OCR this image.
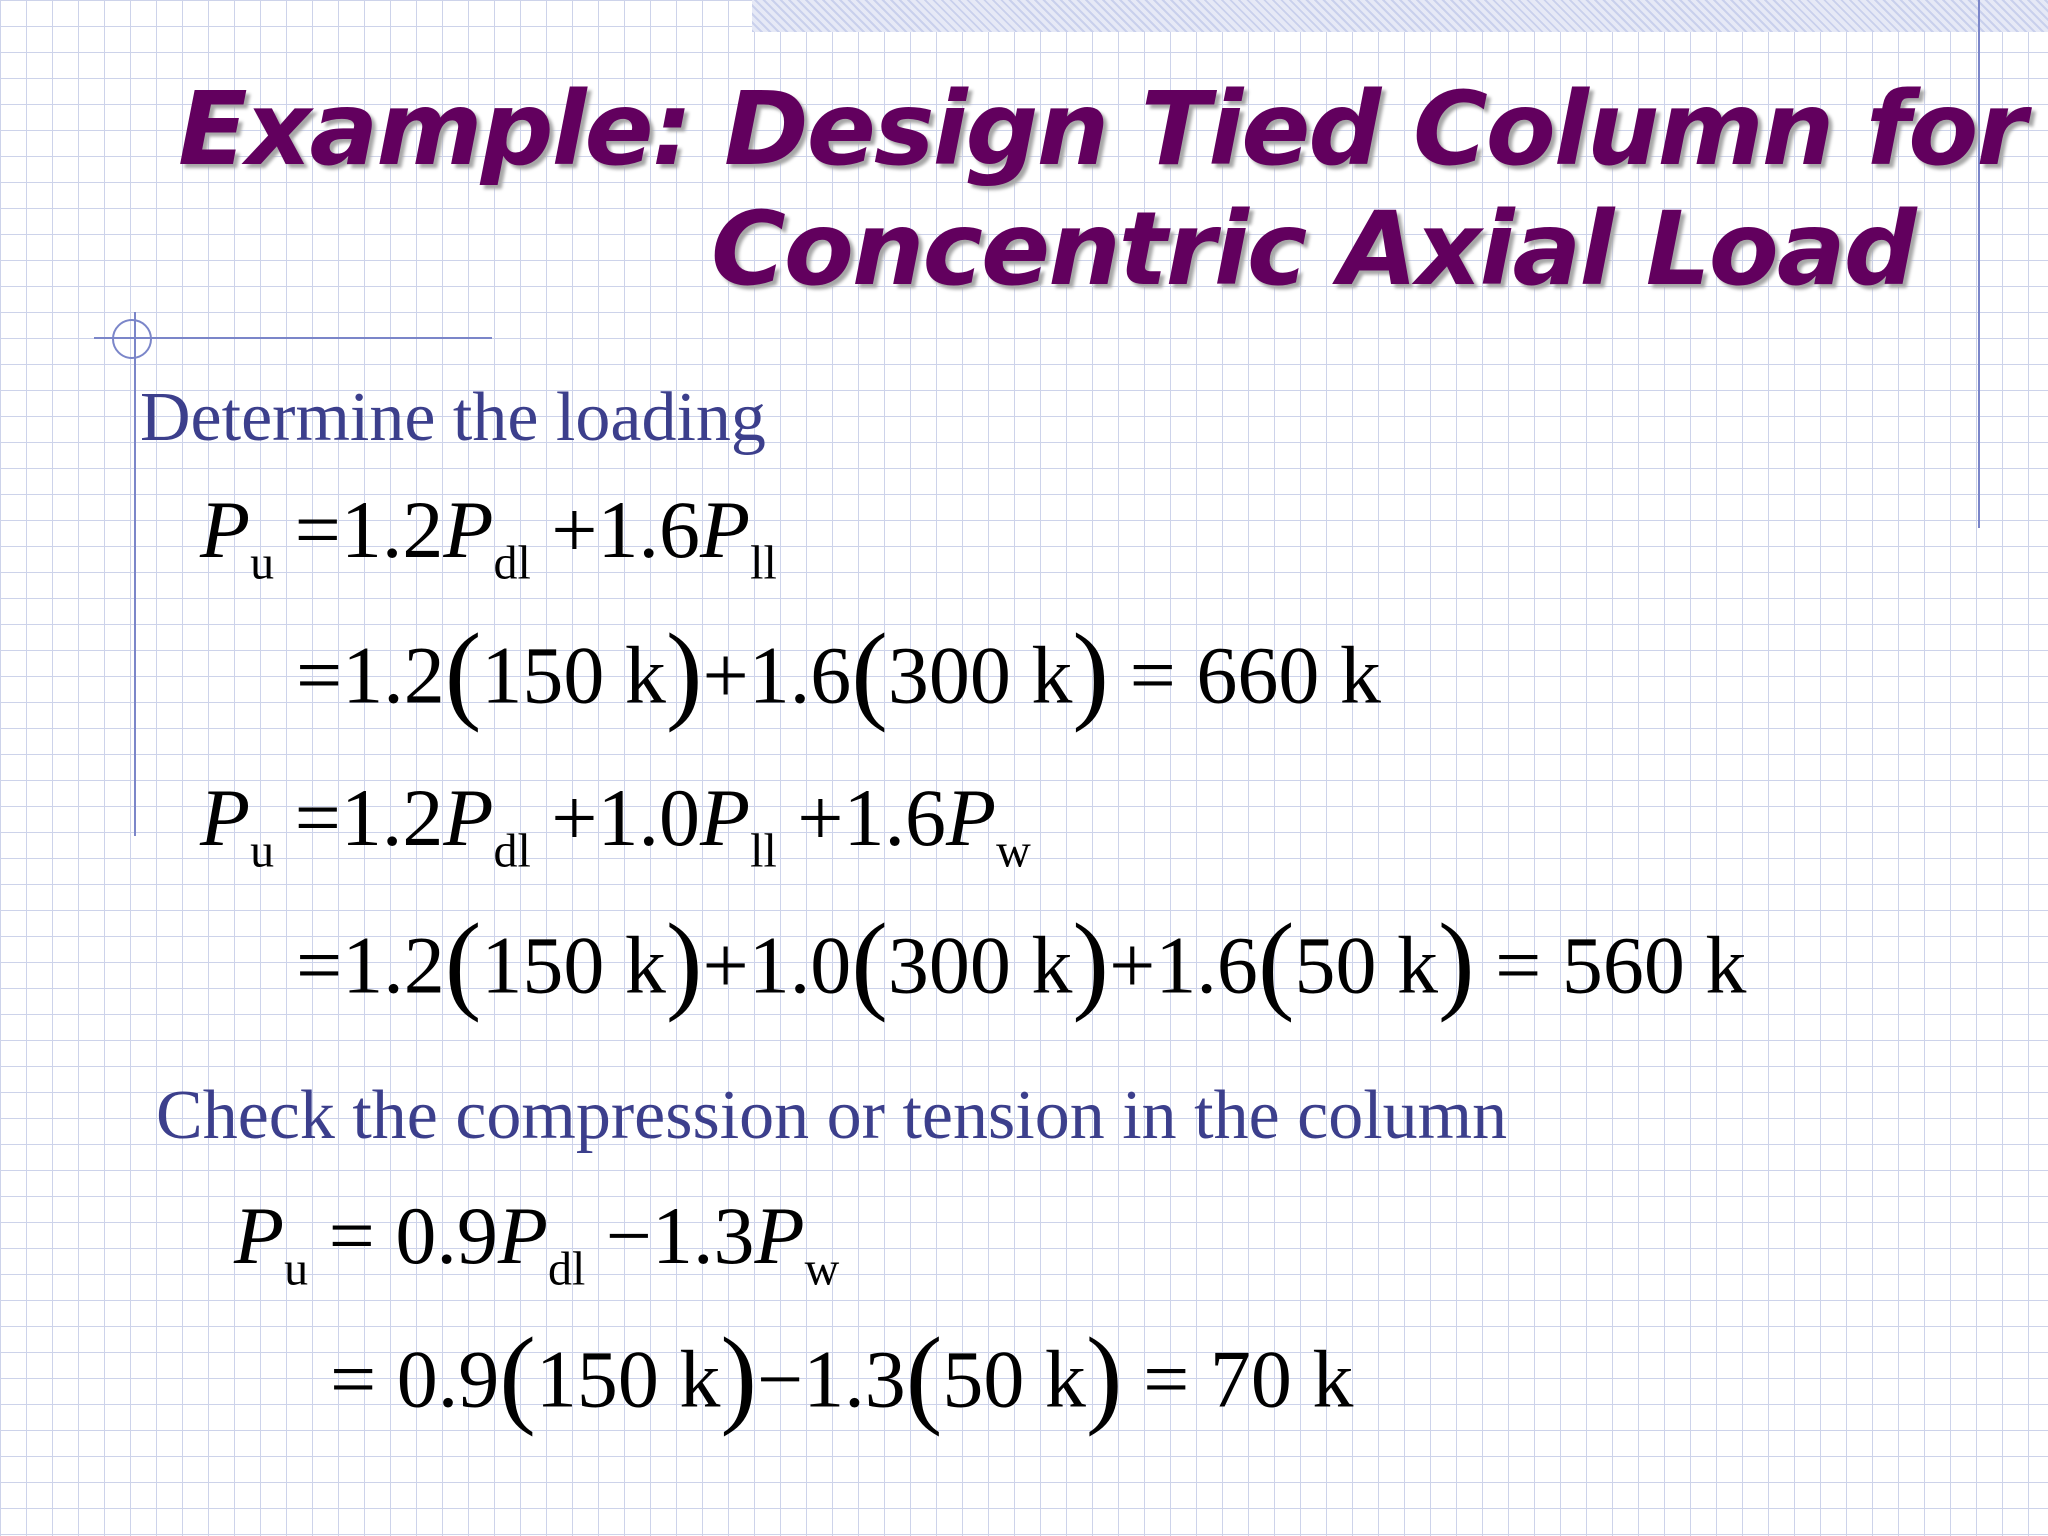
Example: Design Tied Column for
Concentric Axial Load

Determine the loading

$P_u =1.2P_{dl} +1.6P_{ll}$

=1.2(150 k)+1.6(300 k) = 660 k

$P_u =1.2P_{dl} +1.0P_{ll} +1.6P_w$

=1.2(150 k)+1.0(300 k)+1.6(50 k) = 560 k

Check the compression or tension in the column

$P_u = 0.9P_{dl} -1.3P_w$

= 0.9(150 k)−1.3(50 k) = 70 k
